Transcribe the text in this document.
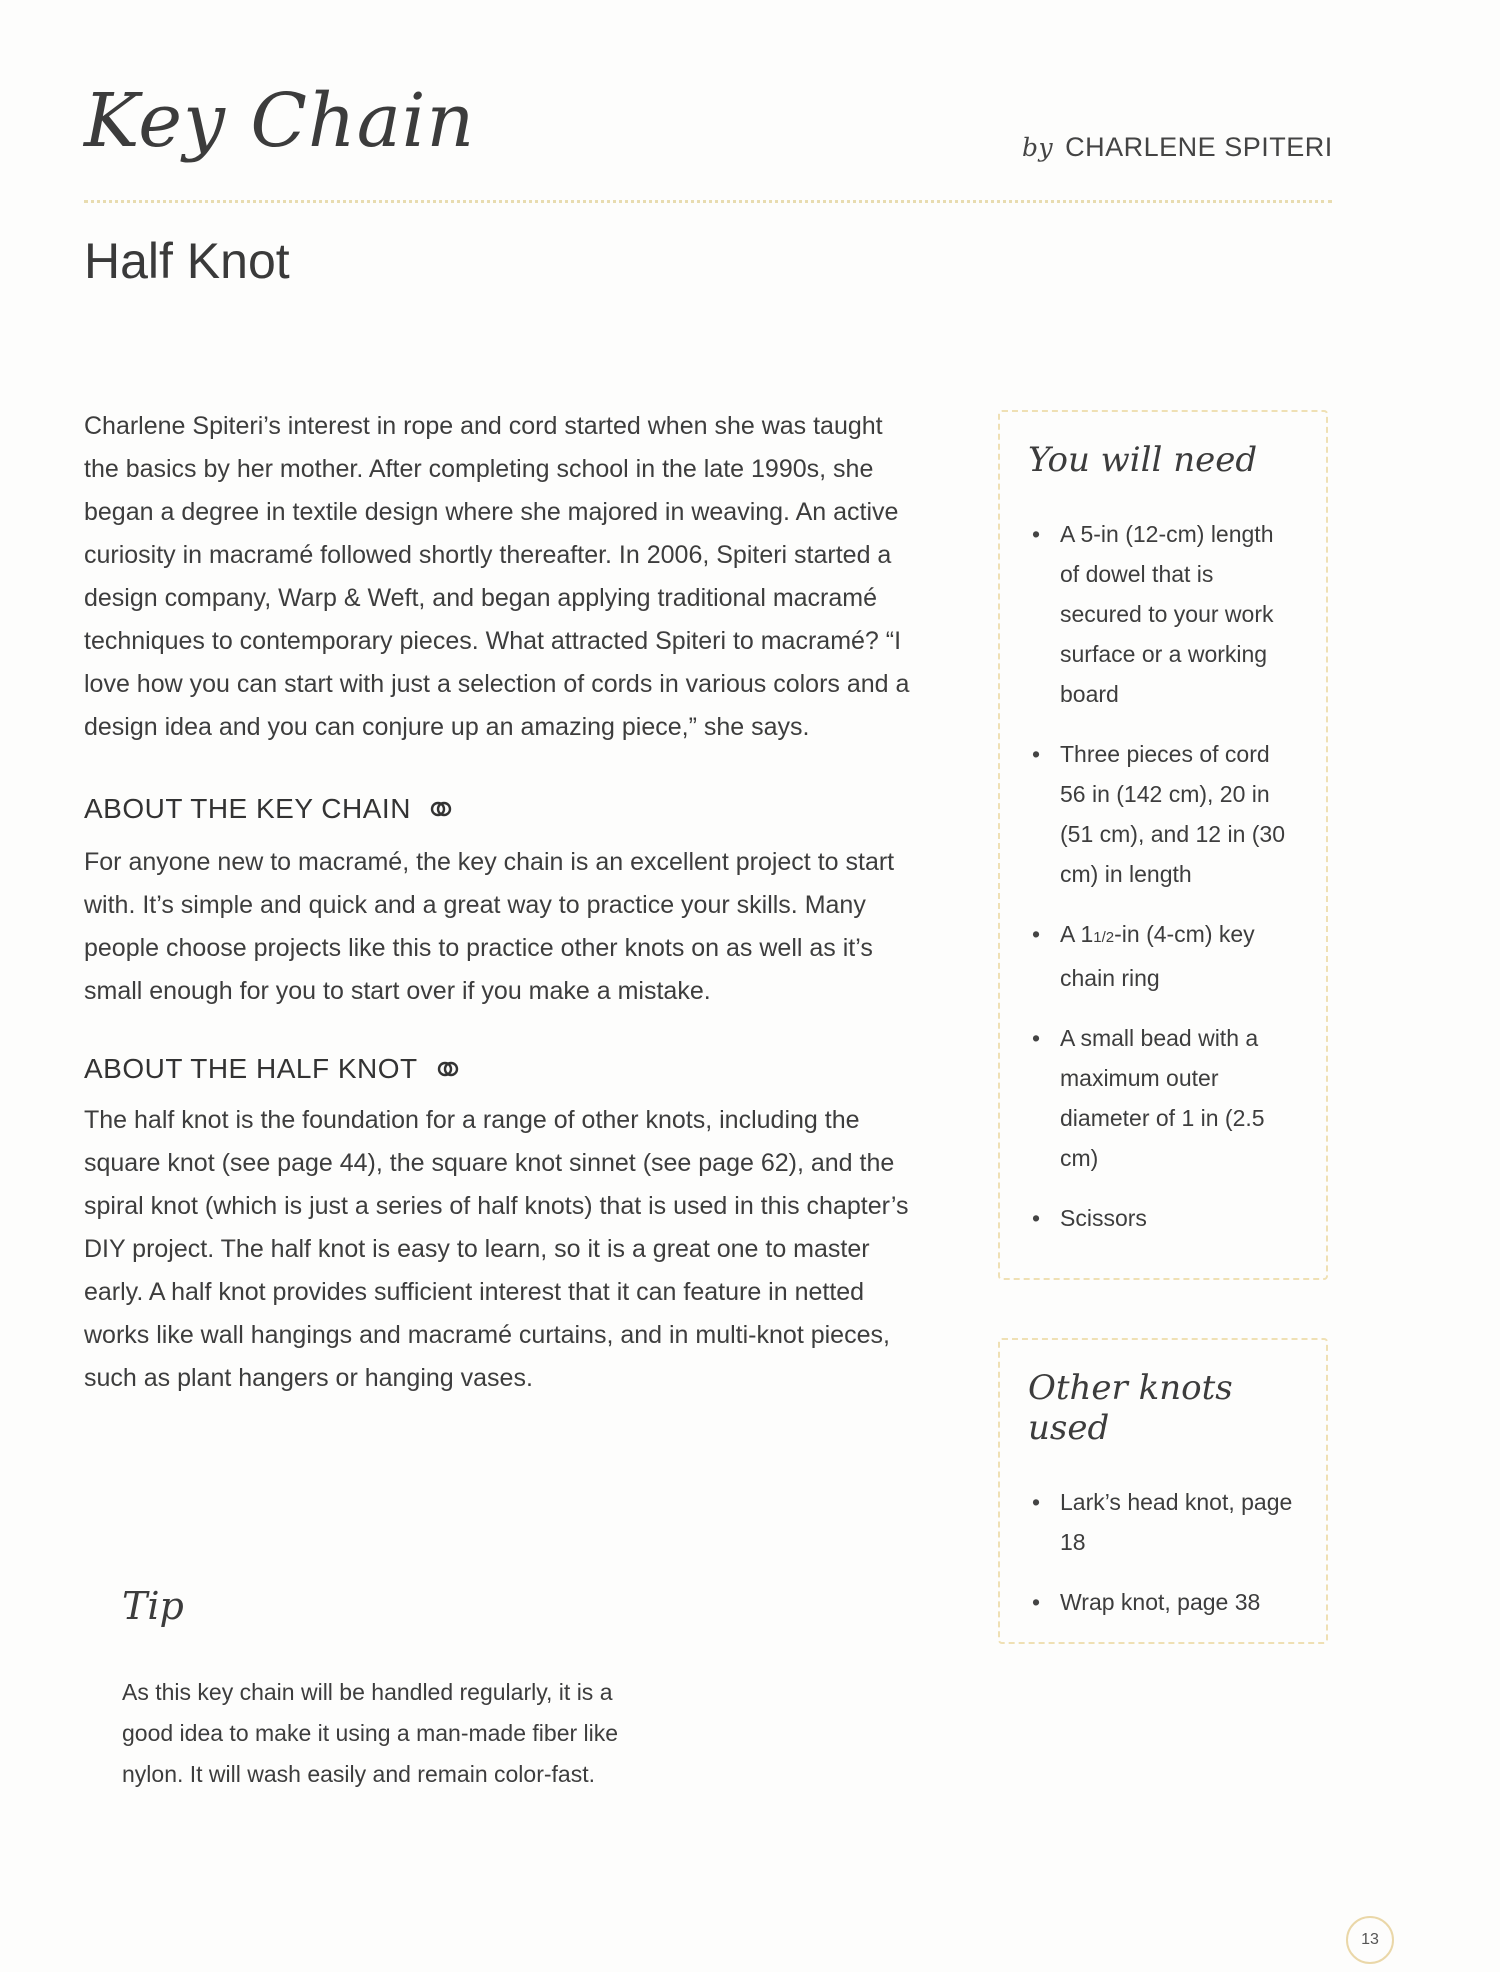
Key Chain	by CHARLENE SPITERI
Half Knot
Charlene Spiteri’s interest in rope and cord started when she was taught the basics by her mother. After completing school in the late 1990s, she began a degree in textile design where she majored in weaving. An active curiosity in macramé followed shortly thereafter. In 2006, Spiteri started a design company, Warp & Weft, and began applying traditional macramé techniques to contemporary pieces. What attracted Spiteri to macramé? “I love how you can start with just a selection of cords in various colors and a design idea and you can conjure up an amazing piece,” she says.
ABOUT THE KEY CHAIN
For anyone new to macramé, the key chain is an excellent project to start with. It’s simple and quick and a great way to practice your skills. Many people choose projects like this to practice other knots on as well as it’s small enough for you to start over if you make a mistake.
ABOUT THE HALF KNOT
The half knot is the foundation for a range of other knots, including the square knot (see page 44), the square knot sinnet (see page 62), and the spiral knot (which is just a series of half knots) that is used in this chapter’s DIY project. The half knot is easy to learn, so it is a great one to master early. A half knot provides sufficient interest that it can feature in netted works like wall hangings and macramé curtains, and in multi-knot pieces, such as plant hangers or hanging vases.
You will need
• A 5-in (12-cm) length of dowel that is secured to your work surface or a working board
• Three pieces of cord 56 in (142 cm), 20 in (51 cm), and 12 in (30 cm) in length
• A 11/2-in (4-cm) key chain ring
• A small bead with a maximum outer diameter of 1 in (2.5 cm)
• Scissors
Other knots used
• Lark’s head knot, page 18
• Wrap knot, page 38
Tip
As this key chain will be handled regularly, it is a good idea to make it using a man-made fiber like nylon. It will wash easily and remain color-fast.
13
